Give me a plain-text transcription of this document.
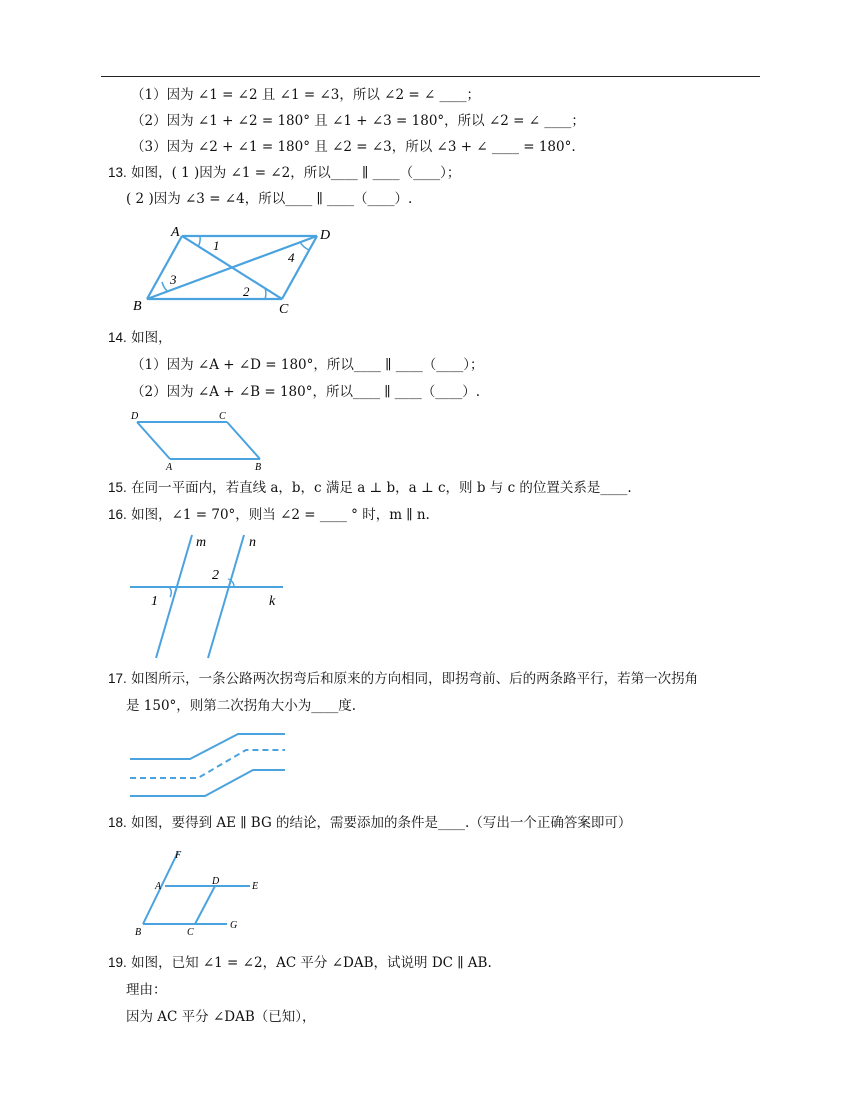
（1）因为 ∠1 = ∠2 且 ∠1 = ∠3，所以 ∠2 = ∠ ____；
（2）因为 ∠1 + ∠2 = 180° 且 ∠1 + ∠3 = 180°，所以 ∠2 = ∠ ____；
（3）因为 ∠2 + ∠1 = 180° 且 ∠2 = ∠3，所以 ∠3 + ∠ ____ = 180°.
13. 如图，( 1 )因为 ∠1 = ∠2，所以____ ∥ ____（____）；
( 2 )因为 ∠3 = ∠4，所以____ ∥ ____（____）.
A	D
B	C
1
2
3
4
14. 如图，
（1）因为 ∠A + ∠D = 180°，所以____ ∥ ____（____）；
（2）因为 ∠A + ∠B = 180°，所以____ ∥ ____（____）.
D	C
A	B
15. 在同一平面内，若直线 a，b，c 满足 a ⊥ b，a ⊥ c，则 b 与 c 的位置关系是____.
16. 如图，∠1 = 70°，则当 ∠2 = ____ ° 时，m ∥ n.
m	n
k
1
2
17. 如图所示，一条公路两次拐弯后和原来的方向相同，即拐弯前、后的两条路平行，若第一次拐角
是 150°，则第二次拐角大小为____度.
18. 如图，要得到 AE ∥ BG 的结论，需要添加的条件是____.（写出一个正确答案即可）
F
A	D	E
B	C
G
19. 如图，已知 ∠1 = ∠2，AC 平分 ∠DAB，试说明 DC ∥ AB.
理由：
因为 AC 平分 ∠DAB（已知），
